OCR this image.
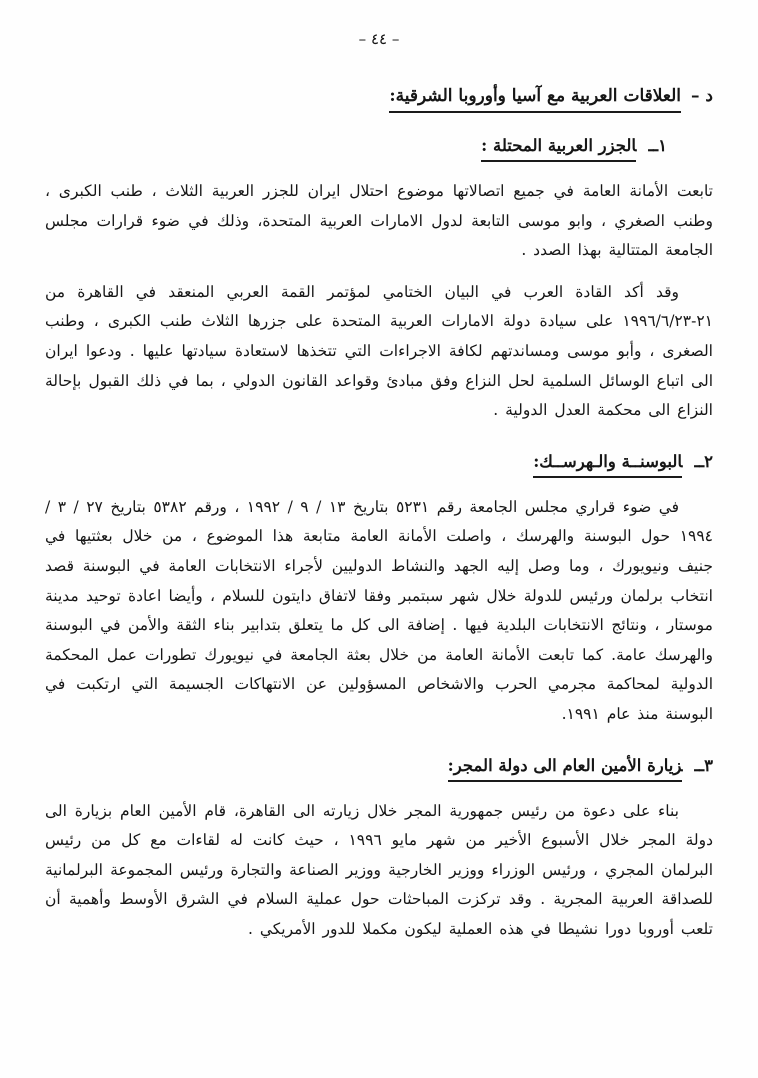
– ٤٤ –
د –العلاقات العربية مع آسيا وأوروبا الشرقية:
١ــالجزر العربية المحتلة :

تابعت الأمانة العامة في جميع اتصالاتها موضوع احتلال ايران للجزر العربية الثلاث ، طنب الكبرى ، وطنب الصغري ، وابو موسى التابعة لدول الامارات العربية المتحدة، وذلك في ضوء قرارات مجلس الجامعة المتتالية بهذا الصدد .

وقد أكد القادة العرب في البيان الختامي لمؤتمر القمة العربي المنعقد في القاهرة من ٢١-١٩٩٦/٦/٢٣ على سيادة دولة الامارات العربية المتحدة على جزرها الثلاث طنب الكبرى ، وطنب الصغرى ، وأبو موسى ومساندتهم لكافة الاجراءات التي تتخذها لاستعادة سيادتها عليها . ودعوا ايران الى اتباع الوسائل السلمية لحل النزاع وفق مبادئ وقواعد القانون الدولي ، بما في ذلك القبول بإحالة النزاع الى محكمة العدل الدولية .

٢ــالبوسنــة والـهرســك:

في ضوء قراري مجلس الجامعة رقم ٥٢٣١ بتاريخ ١٣ / ٩ / ١٩٩٢ ، ورقم ٥٣٨٢ بتاريخ ٢٧ / ٣ / ١٩٩٤ حول البوسنة والهرسك ، واصلت الأمانة العامة متابعة هذا الموضوع ، من خلال بعثتيها في جنيف ونيويورك ، وما وصل إليه الجهد والنشاط الدوليين لأجراء الانتخابات العامة في البوسنة قصد انتخاب برلمان ورئيس للدولة خلال شهر سبتمبر وفقا لاتفاق دايتون للسلام ، وأيضا اعادة توحيد مدينة موستار ، ونتائج الانتخابات البلدية فيها . إضافة الى كل ما يتعلق بتدابير بناء الثقة والأمن في البوسنة والهرسك عامة. كما تابعت الأمانة العامة من خلال بعثة الجامعة في نيويورك تطورات عمل المحكمة الدولية لمحاكمة مجرمي الحرب والاشخاص المسؤولين عن الانتهاكات الجسيمة التي ارتكبت في البوسنة منذ عام ١٩٩١.

٣ــزيارة الأمين العام الى دولة المجر:

بناء على دعوة من رئيس جمهورية المجر خلال زيارته الى القاهرة، قام الأمين العام بزيارة الى دولة المجر خلال الأسبوع الأخير من شهر مايو ١٩٩٦ ، حيث كانت له لقاءات مع كل من رئيس البرلمان المجري ، ورئيس الوزراء ووزير الخارجية ووزير الصناعة والتجارة ورئيس المجموعة البرلمانية للصداقة العربية المجرية . وقد تركزت المباحثات حول عملية السلام في الشرق الأوسط وأهمية أن تلعب أوروبا دورا نشيطا في هذه العملية ليكون مكملا للدور الأمريكي .
